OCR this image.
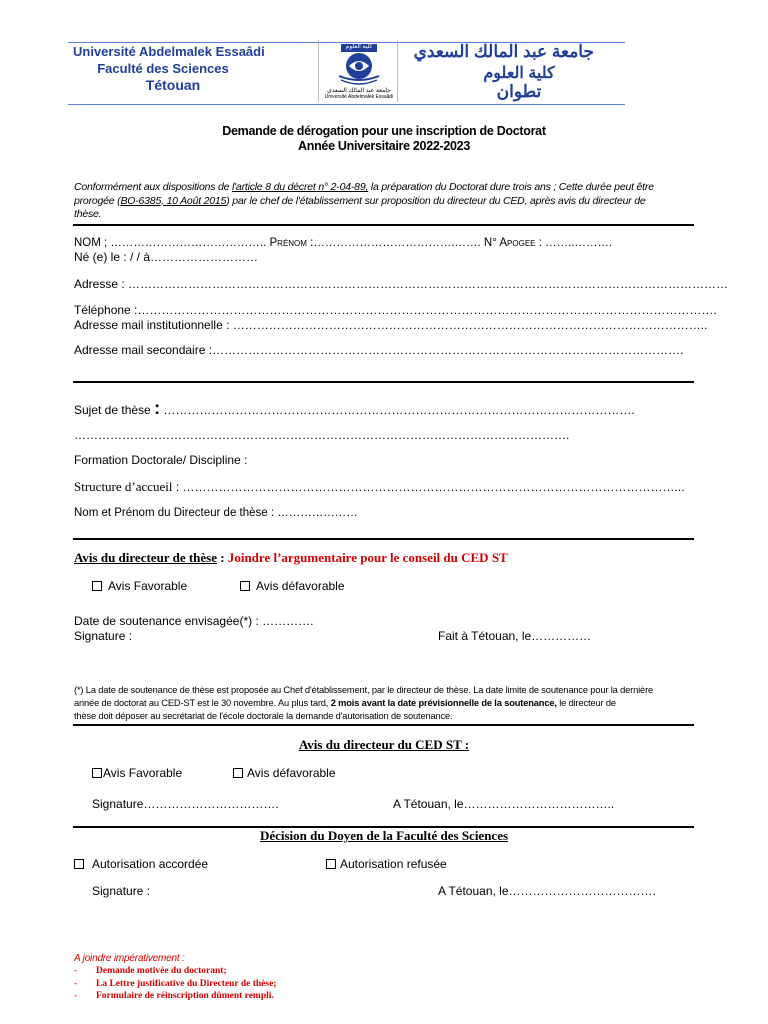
Université Abdelmalek Essaâdi
Faculté des Sciences
Tétouan
جامعة عبد المالك السعدي
كلية العلوم
تطوان
كلية العلوم
جامعة عبد المالك السعدي
Université Abdelmalek Essaâdi
Demande de dérogation pour une inscription de Doctorat
Année Universitaire 2022-2023
Conformément aux dispositions de l'article 8 du décret n° 2-04-89, la préparation du Doctorat dure trois ans ; Cette durée peut être
prorogée (BO-6385, 10 Août 2015) par le chef de l'établissement sur proposition du directeur du CED, après avis du directeur de
thèse.
NOM ; ………………………………….. Prénom :……………………………….……. N° Apogee : ……..……….
Né (e) le : / / à………………………
Adresse : ……………………………………………………………………………………………………………………………………
Téléphone :……………………………………………………………………………………………………………………………….
Adresse mail institutionnelle : ………………………………………………………………………………………………………..
Adresse mail secondaire :……………………………………………………………………………………………………….
Sujet de thèse : ……………………………………………………………………………………………………….
…………………………………………………………………………………………………………….
Formation Doctorale/ Discipline :
Structure d’accueil : ……………………………………………………………………………………………………………...
Nom et Prénom du Directeur de thèse : …………………
Avis du directeur de thèse : Joindre l’argumentaire pour le conseil du CED ST
Avis Favorable	Avis défavorable
Date de soutenance envisagée(*) : ………….
Signature :	Fait à Tétouan, le……………
(*) La date de soutenance de thèse est proposée au Chef d'établissement, par le directeur de thèse. La date limite de soutenance pour la dernière
année de doctorat au CED-ST est le 30 novembre. Au plus tard, 2 mois avant la date prévisionnelle de la soutenance, le directeur de
thèse doit déposer au secrétariat de l'école doctorale la demande d'autorisation de soutenance.
Avis du directeur du CED ST :
Avis Favorable	Avis défavorable
Signature…………………………….	A Tétouan, le………………………………..
Décision du Doyen de la Faculté des Sciences
Autorisation accordée	Autorisation refusée
Signature :	A Tétouan, le……………………………….
A joindre impérativement :
- Demande motivée du doctorant;
- La Lettre justificative du Directeur de thèse;
- Formulaire de réinscription dûment rempli.
